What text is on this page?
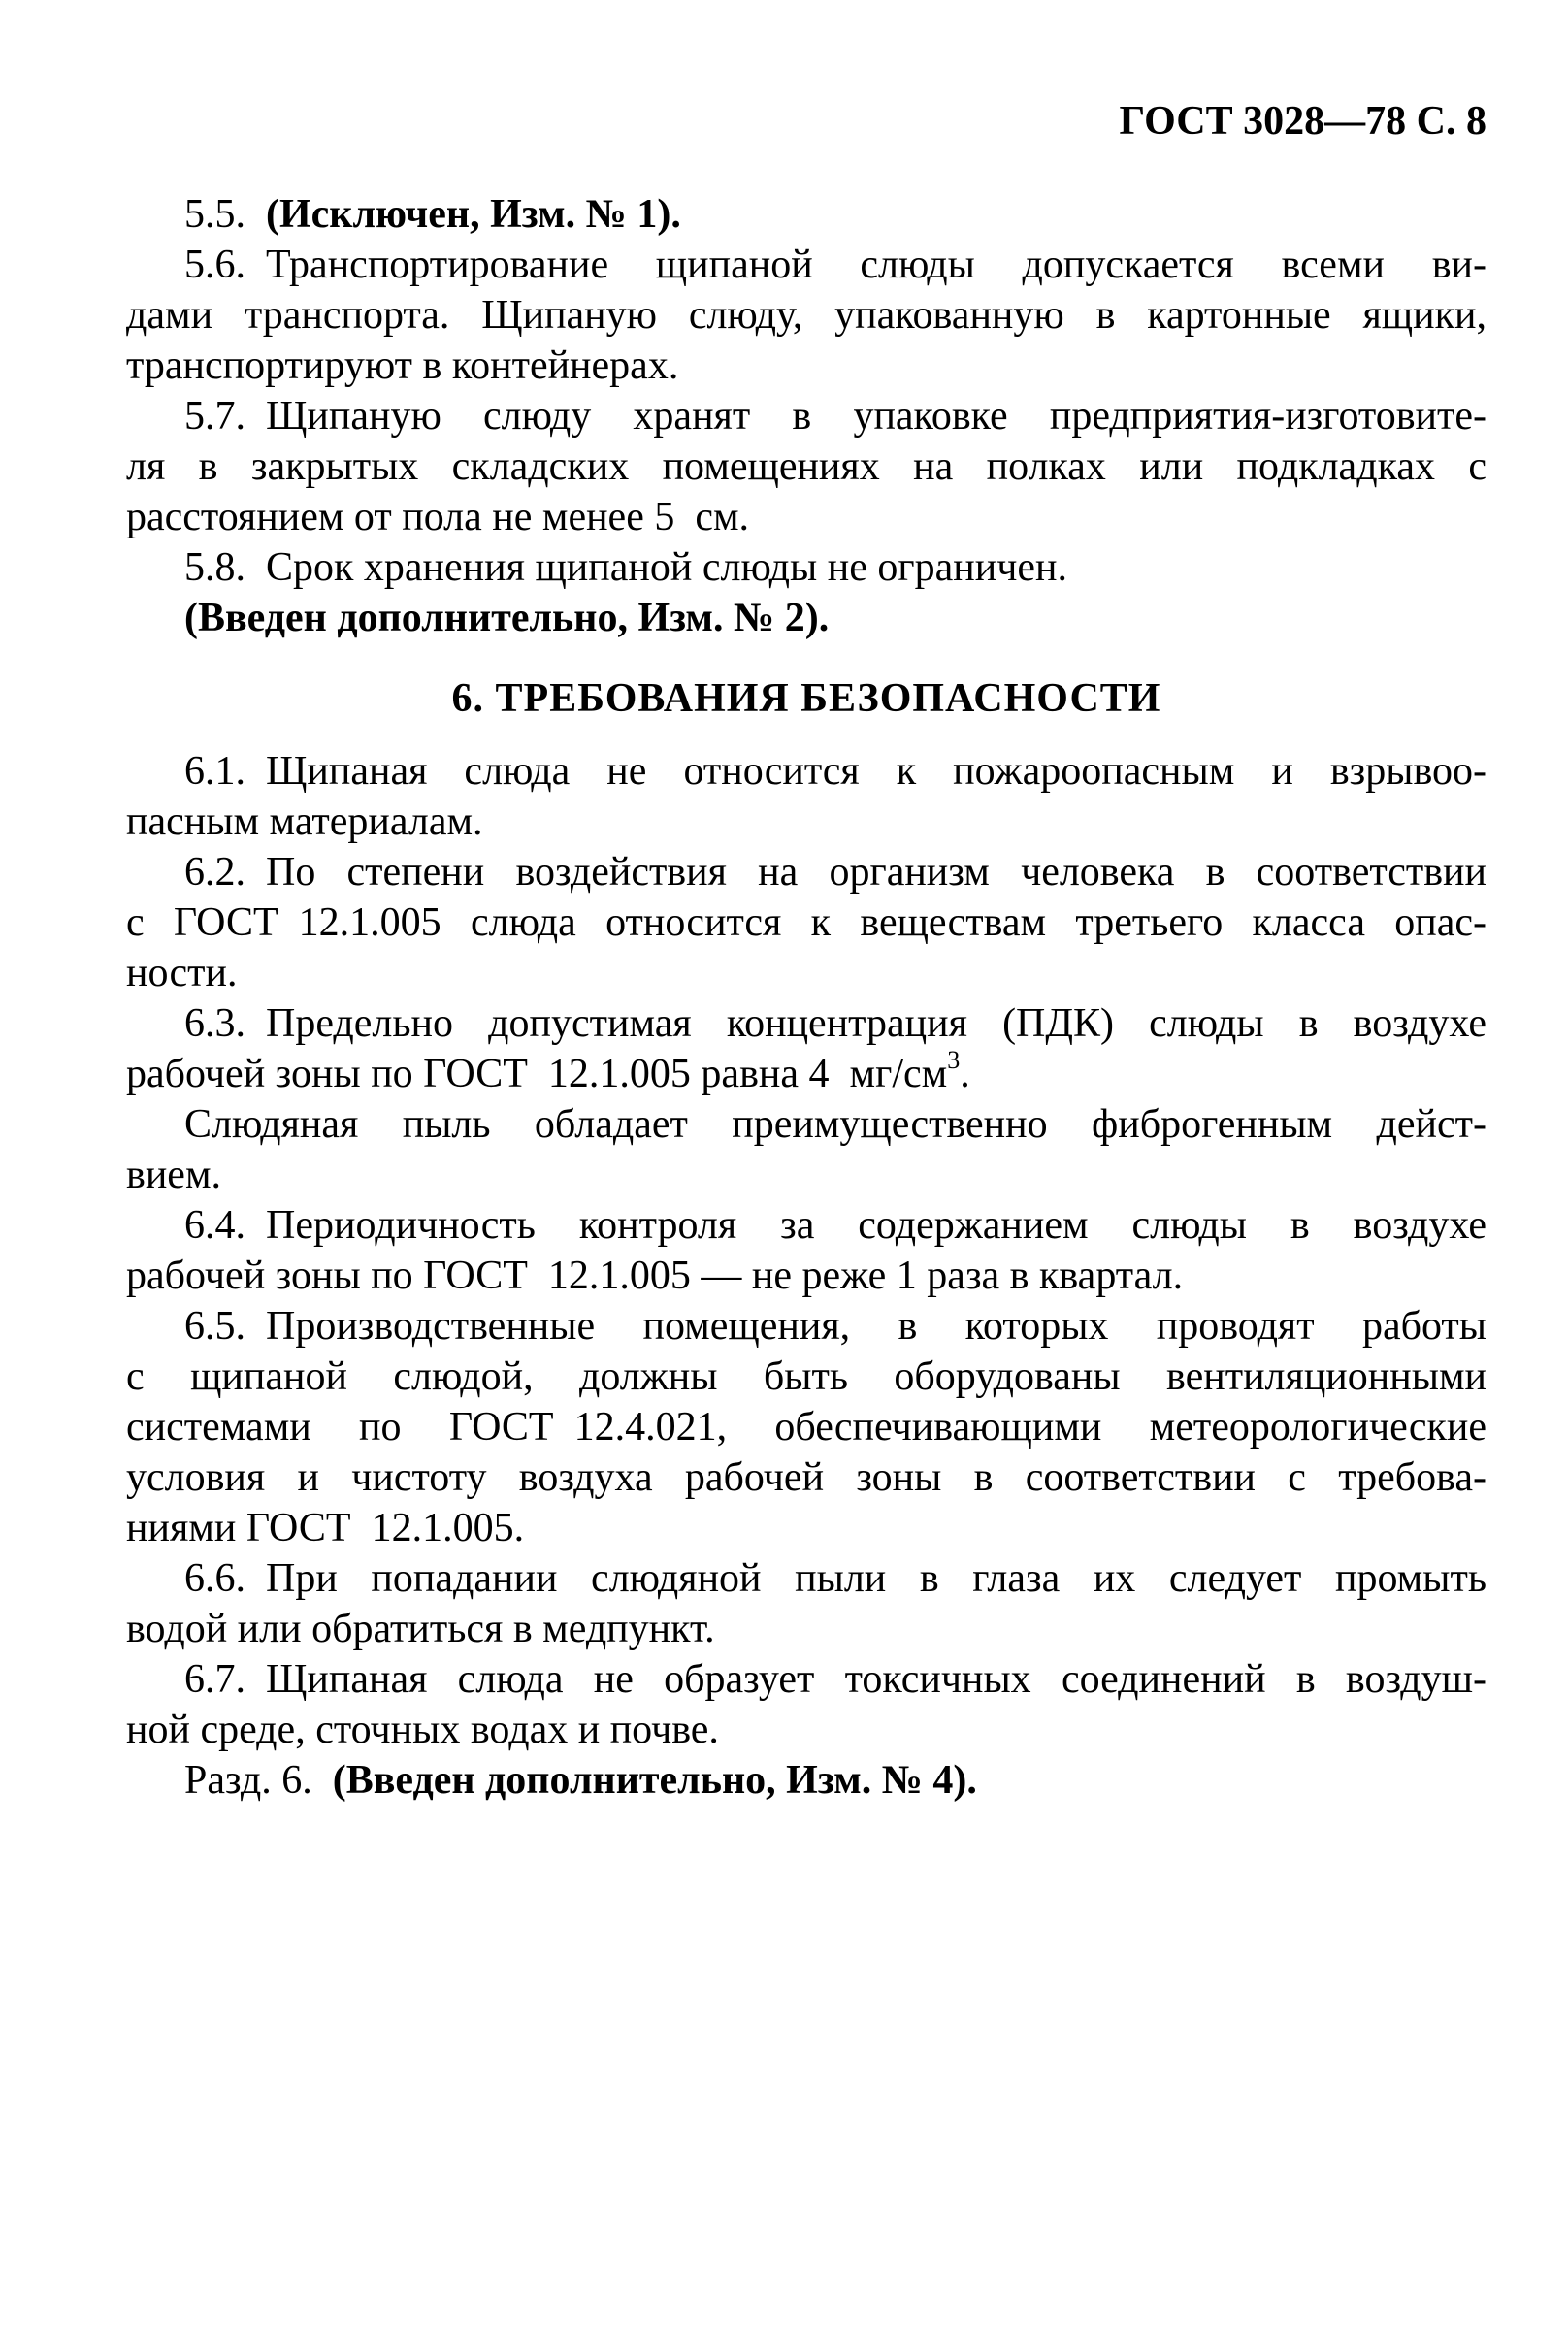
ГОСТ 3028—78 С. 8
5.5. (Исключен, Изм. № 1).
5.6. Транспортирование щипаной слюды допускается всеми ви-
дами транспорта. Щипаную слюду, упакованную в картонные ящики,
транспортируют в контейнерах.
5.7. Щипаную слюду хранят в упаковке предприятия-изготовите-
ля в закрытых складских помещениях на полках или подкладках с
расстоянием от пола не менее 5 см.
5.8. Срок хранения щипаной слюды не ограничен.
(Введен дополнительно, Изм. № 2).
6. ТРЕБОВАНИЯ БЕЗОПАСНОСТИ
6.1. Щипаная слюда не относится к пожароопасным и взрывоо-
пасным материалам.
6.2. По степени воздействия на организм человека в соответствии
с ГОСТ 12.1.005 слюда относится к веществам третьего класса опас-
ности.
6.3. Предельно допустимая концентрация (ПДК) слюды в воздухе
рабочей зоны по ГОСТ 12.1.005 равна 4 $мг/см^3$.
Слюдяная пыль обладает преимущественно фиброгенным дейст-
вием.
6.4. Периодичность контроля за содержанием слюды в воздухе
рабочей зоны по ГОСТ 12.1.005 — не реже 1 раза в квартал.
6.5. Производственные помещения, в которых проводят работы
с щипаной слюдой, должны быть оборудованы вентиляционными
системами по ГОСТ 12.4.021, обеспечивающими метеорологические
условия и чистоту воздуха рабочей зоны в соответствии с требова-
ниями ГОСТ 12.1.005.
6.6. При попадании слюдяной пыли в глаза их следует промыть
водой или обратиться в медпункт.
6.7. Щипаная слюда не образует токсичных соединений в воздуш-
ной среде, сточных водах и почве.
Разд. 6. (Введен дополнительно, Изм. № 4).
